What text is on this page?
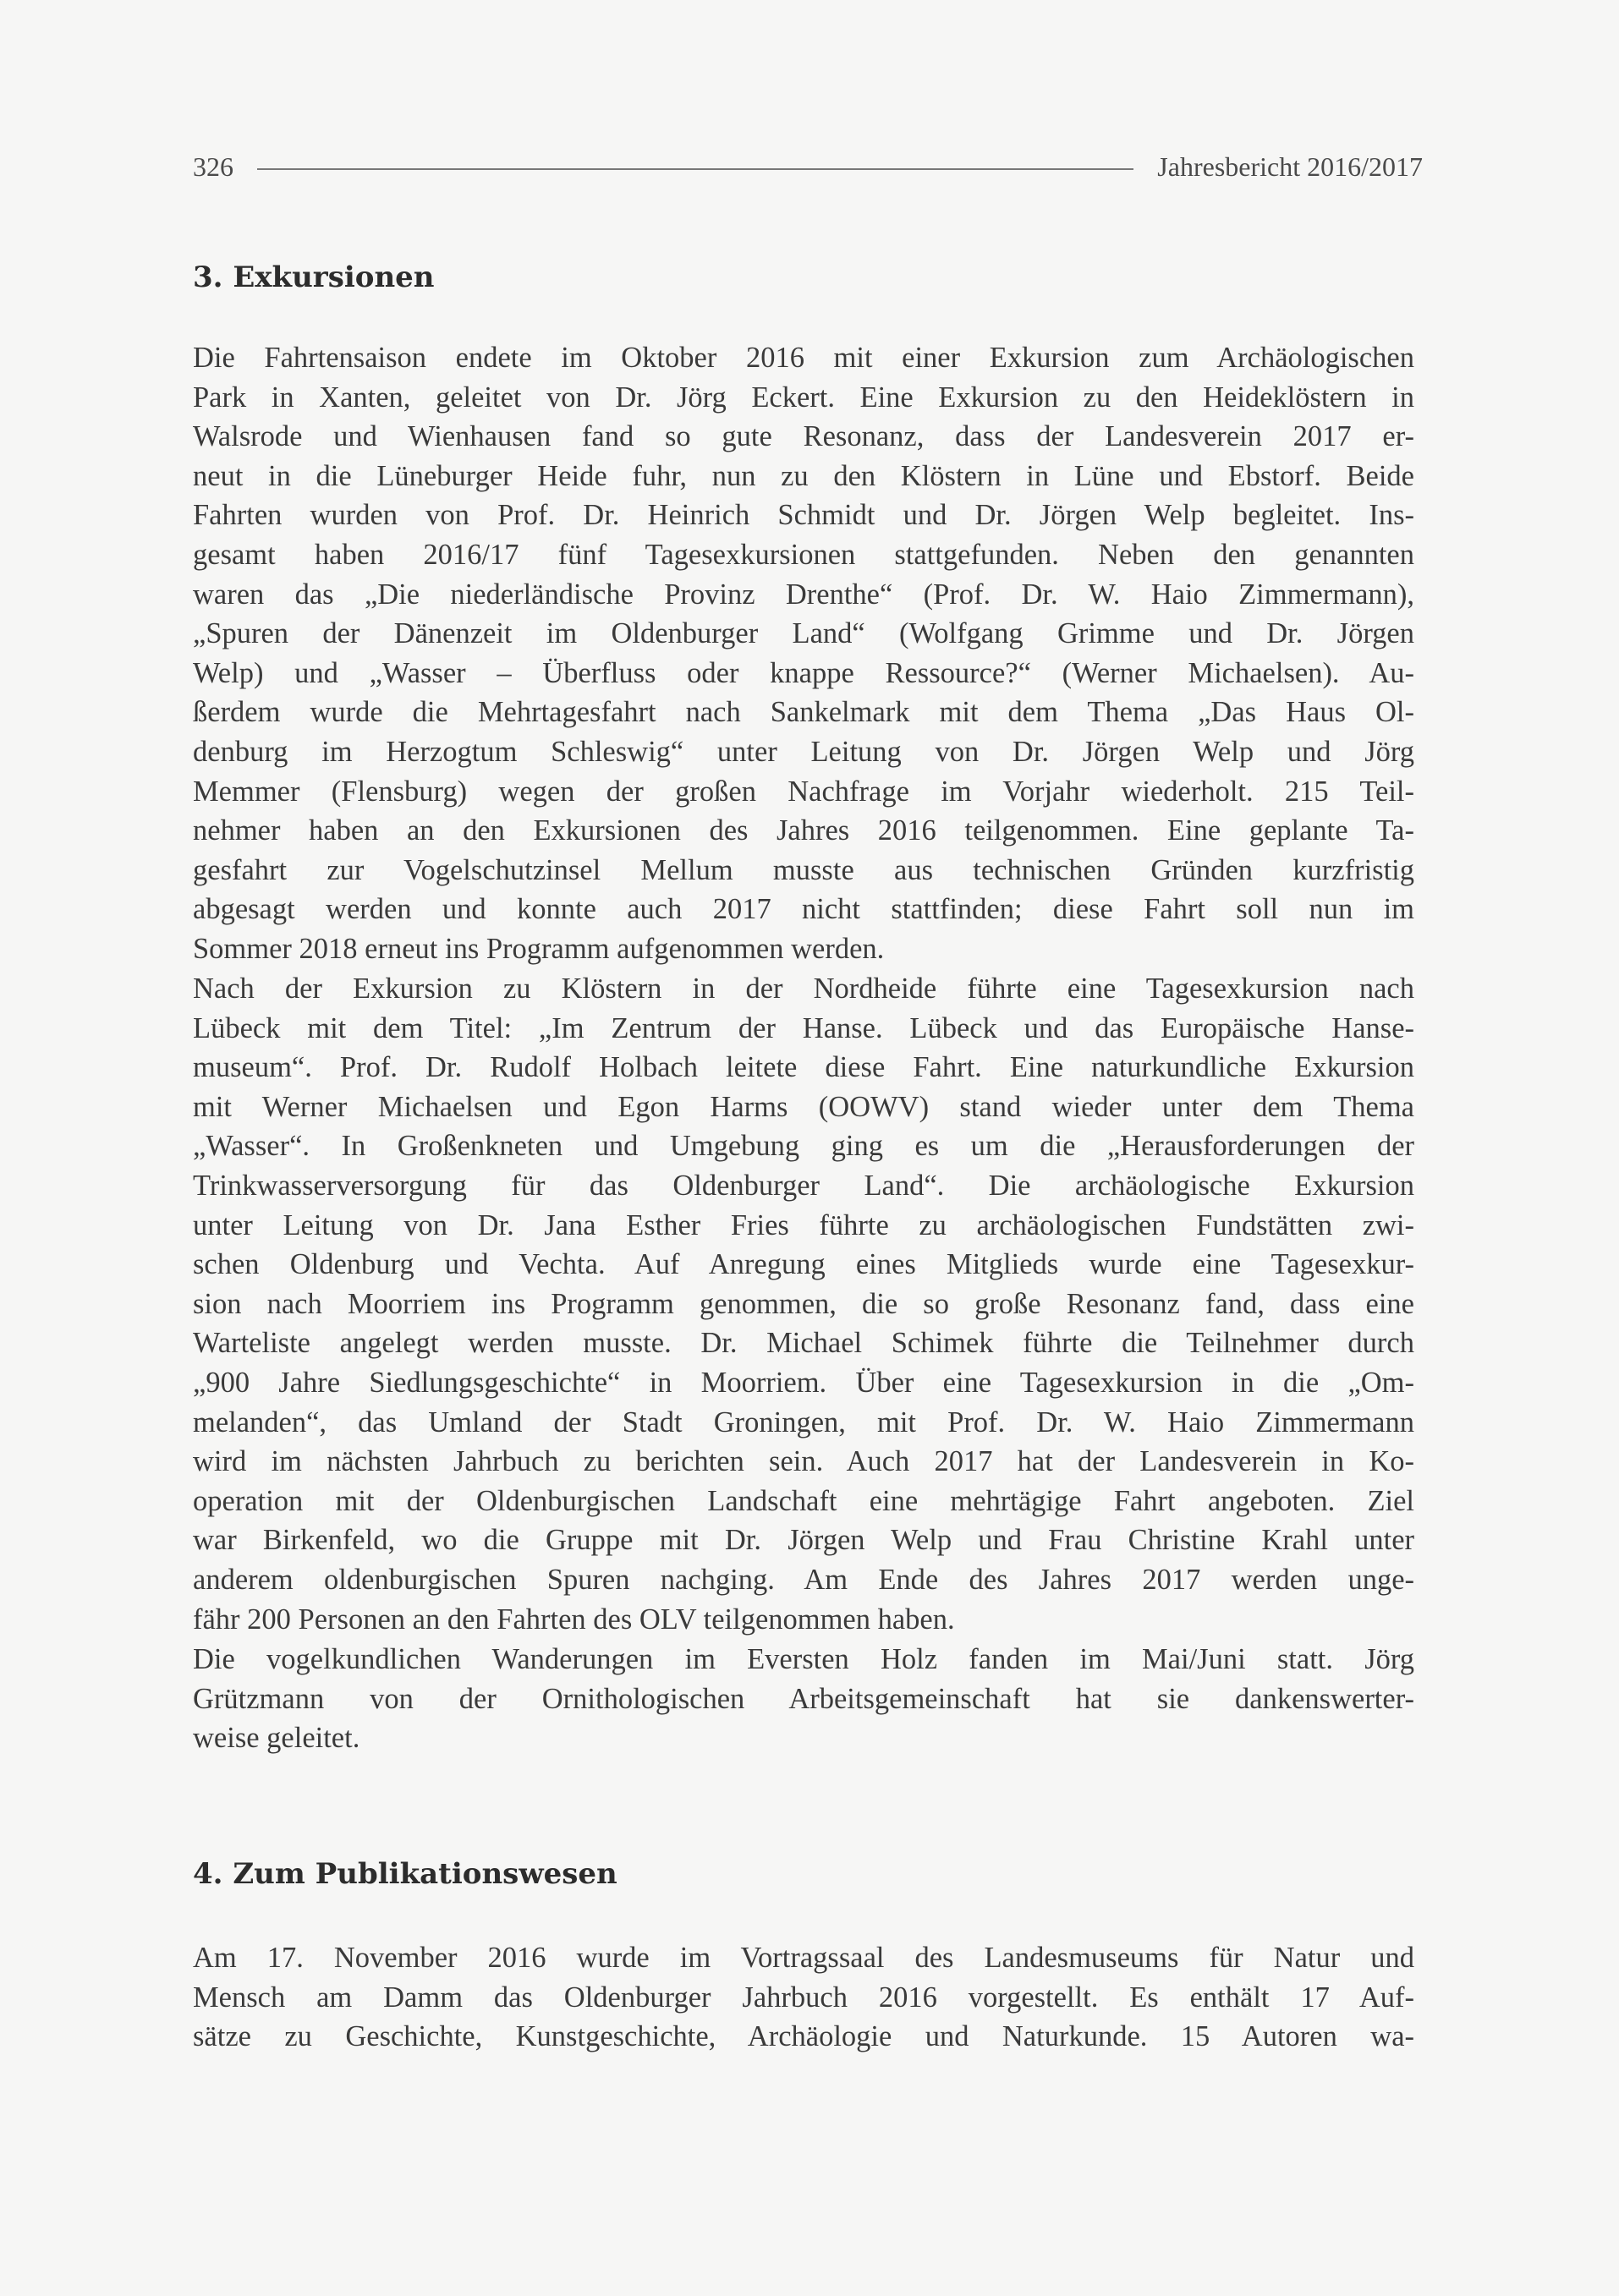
326	Jahresbericht 2016/2017
3. Exkursionen
Die Fahrtensaison endete im Oktober 2016 mit einer Exkursion zum Archäologischen
Park in Xanten, geleitet von Dr. Jörg Eckert. Eine Exkursion zu den Heideklöstern in
Walsrode und Wienhausen fand so gute Resonanz, dass der Landesverein 2017 er-
neut in die Lüneburger Heide fuhr, nun zu den Klöstern in Lüne und Ebstorf. Beide
Fahrten wurden von Prof. Dr. Heinrich Schmidt und Dr. Jörgen Welp begleitet. Ins-
gesamt haben 2016/17 fünf Tagesexkursionen stattgefunden. Neben den genannten
waren das „Die niederländische Provinz Drenthe“ (Prof. Dr. W. Haio Zimmermann),
„Spuren der Dänenzeit im Oldenburger Land“ (Wolfgang Grimme und Dr. Jörgen
Welp) und „Wasser – Überfluss oder knappe Ressource?“ (Werner Michaelsen). Au-
ßerdem wurde die Mehrtagesfahrt nach Sankelmark mit dem Thema „Das Haus Ol-
denburg im Herzogtum Schleswig“ unter Leitung von Dr. Jörgen Welp und Jörg
Memmer (Flensburg) wegen der großen Nachfrage im Vorjahr wiederholt. 215 Teil-
nehmer haben an den Exkursionen des Jahres 2016 teilgenommen. Eine geplante Ta-
gesfahrt zur Vogelschutzinsel Mellum musste aus technischen Gründen kurzfristig
abgesagt werden und konnte auch 2017 nicht stattfinden; diese Fahrt soll nun im
Sommer 2018 erneut ins Programm aufgenommen werden.
Nach der Exkursion zu Klöstern in der Nordheide führte eine Tagesexkursion nach
Lübeck mit dem Titel: „Im Zentrum der Hanse. Lübeck und das Europäische Hanse-
museum“. Prof. Dr. Rudolf Holbach leitete diese Fahrt. Eine naturkundliche Exkursion
mit Werner Michaelsen und Egon Harms (OOWV) stand wieder unter dem Thema
„Wasser“. In Großenkneten und Umgebung ging es um die „Herausforderungen der
Trinkwasserversorgung für das Oldenburger Land“. Die archäologische Exkursion
unter Leitung von Dr. Jana Esther Fries führte zu archäologischen Fundstätten zwi-
schen Oldenburg und Vechta. Auf Anregung eines Mitglieds wurde eine Tagesexkur-
sion nach Moorriem ins Programm genommen, die so große Resonanz fand, dass eine
Warteliste angelegt werden musste. Dr. Michael Schimek führte die Teilnehmer durch
„900 Jahre Siedlungsgeschichte“ in Moorriem. Über eine Tagesexkursion in die „Om-
melanden“, das Umland der Stadt Groningen, mit Prof. Dr. W. Haio Zimmermann
wird im nächsten Jahrbuch zu berichten sein. Auch 2017 hat der Landesverein in Ko-
operation mit der Oldenburgischen Landschaft eine mehrtägige Fahrt angeboten. Ziel
war Birkenfeld, wo die Gruppe mit Dr. Jörgen Welp und Frau Christine Krahl unter
anderem oldenburgischen Spuren nachging. Am Ende des Jahres 2017 werden unge-
fähr 200 Personen an den Fahrten des OLV teilgenommen haben.
Die vogelkundlichen Wanderungen im Eversten Holz fanden im Mai/Juni statt. Jörg
Grützmann von der Ornithologischen Arbeitsgemeinschaft hat sie dankenswerter-
weise geleitet.
4. Zum Publikationswesen
Am 17. November 2016 wurde im Vortragssaal des Landesmuseums für Natur und
Mensch am Damm das Oldenburger Jahrbuch 2016 vorgestellt. Es enthält 17 Auf-
sätze zu Geschichte, Kunstgeschichte, Archäologie und Naturkunde. 15 Autoren wa-
